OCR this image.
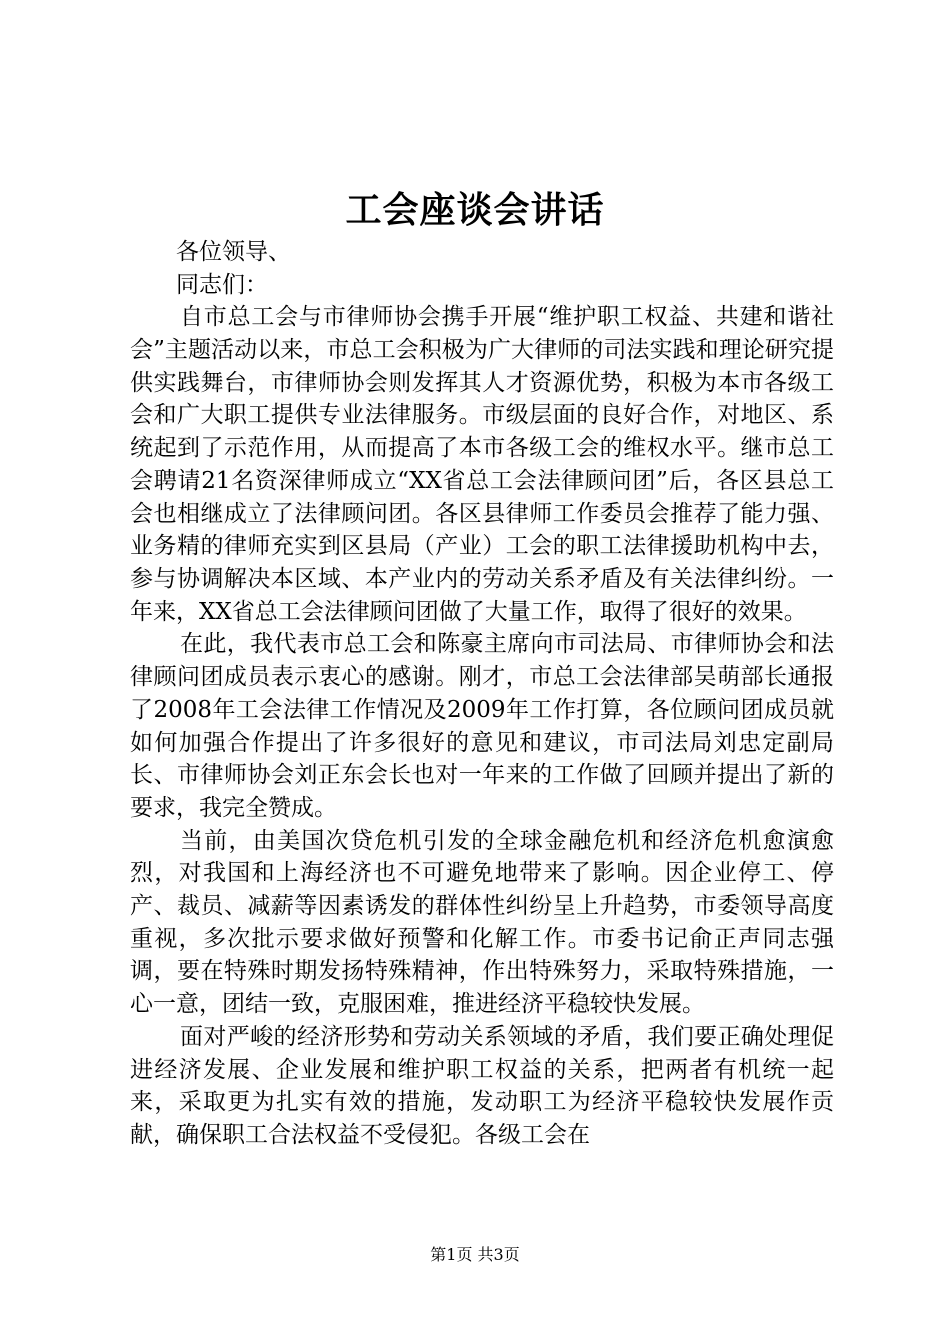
工会座谈会讲话
各位领导、
同志们：

自市总工会与市律师协会携手开展“维护职工权益、共建和谐社会”主题活动以来，市总工会积极为广大律师的司法实践和理论研究提供实践舞台，市律师协会则发挥其人才资源优势，积极为本市各级工会和广大职工提供专业法律服务。市级层面的良好合作，对地区、系统起到了示范作用，从而提高了本市各级工会的维权水平。继市总工会聘请21名资深律师成立“XX省总工会法律顾问团”后，各区县总工会也相继成立了法律顾问团。各区县律师工作委员会推荐了能力强、业务精的律师充实到区县局（产业）工会的职工法律援助机构中去，参与协调解决本区域、本产业内的劳动关系矛盾及有关法律纠纷。一年来，XX省总工会法律顾问团做了大量工作，取得了很好的效果。

在此，我代表市总工会和陈豪主席向市司法局、市律师协会和法律顾问团成员表示衷心的感谢。刚才，市总工会法律部吴萌部长通报了2008年工会法律工作情况及2009年工作打算，各位顾问团成员就如何加强合作提出了许多很好的意见和建议，市司法局刘忠定副局长、市律师协会刘正东会长也对一年来的工作做了回顾并提出了新的要求，我完全赞成。

当前，由美国次贷危机引发的全球金融危机和经济危机愈演愈烈，对我国和上海经济也不可避免地带来了影响。因企业停工、停产、裁员、减薪等因素诱发的群体性纠纷呈上升趋势，市委领导高度重视，多次批示要求做好预警和化解工作。市委书记俞正声同志强调，要在特殊时期发扬特殊精神，作出特殊努力，采取特殊措施，一心一意，团结一致，克服困难，推进经济平稳较快发展。

面对严峻的经济形势和劳动关系领域的矛盾，我们要正确处理促进经济发展、企业发展和维护职工权益的关系，把两者有机统一起来，采取更为扎实有效的措施，发动职工为经济平稳较快发展作贡献，确保职工合法权益不受侵犯。各级工会在

第1页 共3页
